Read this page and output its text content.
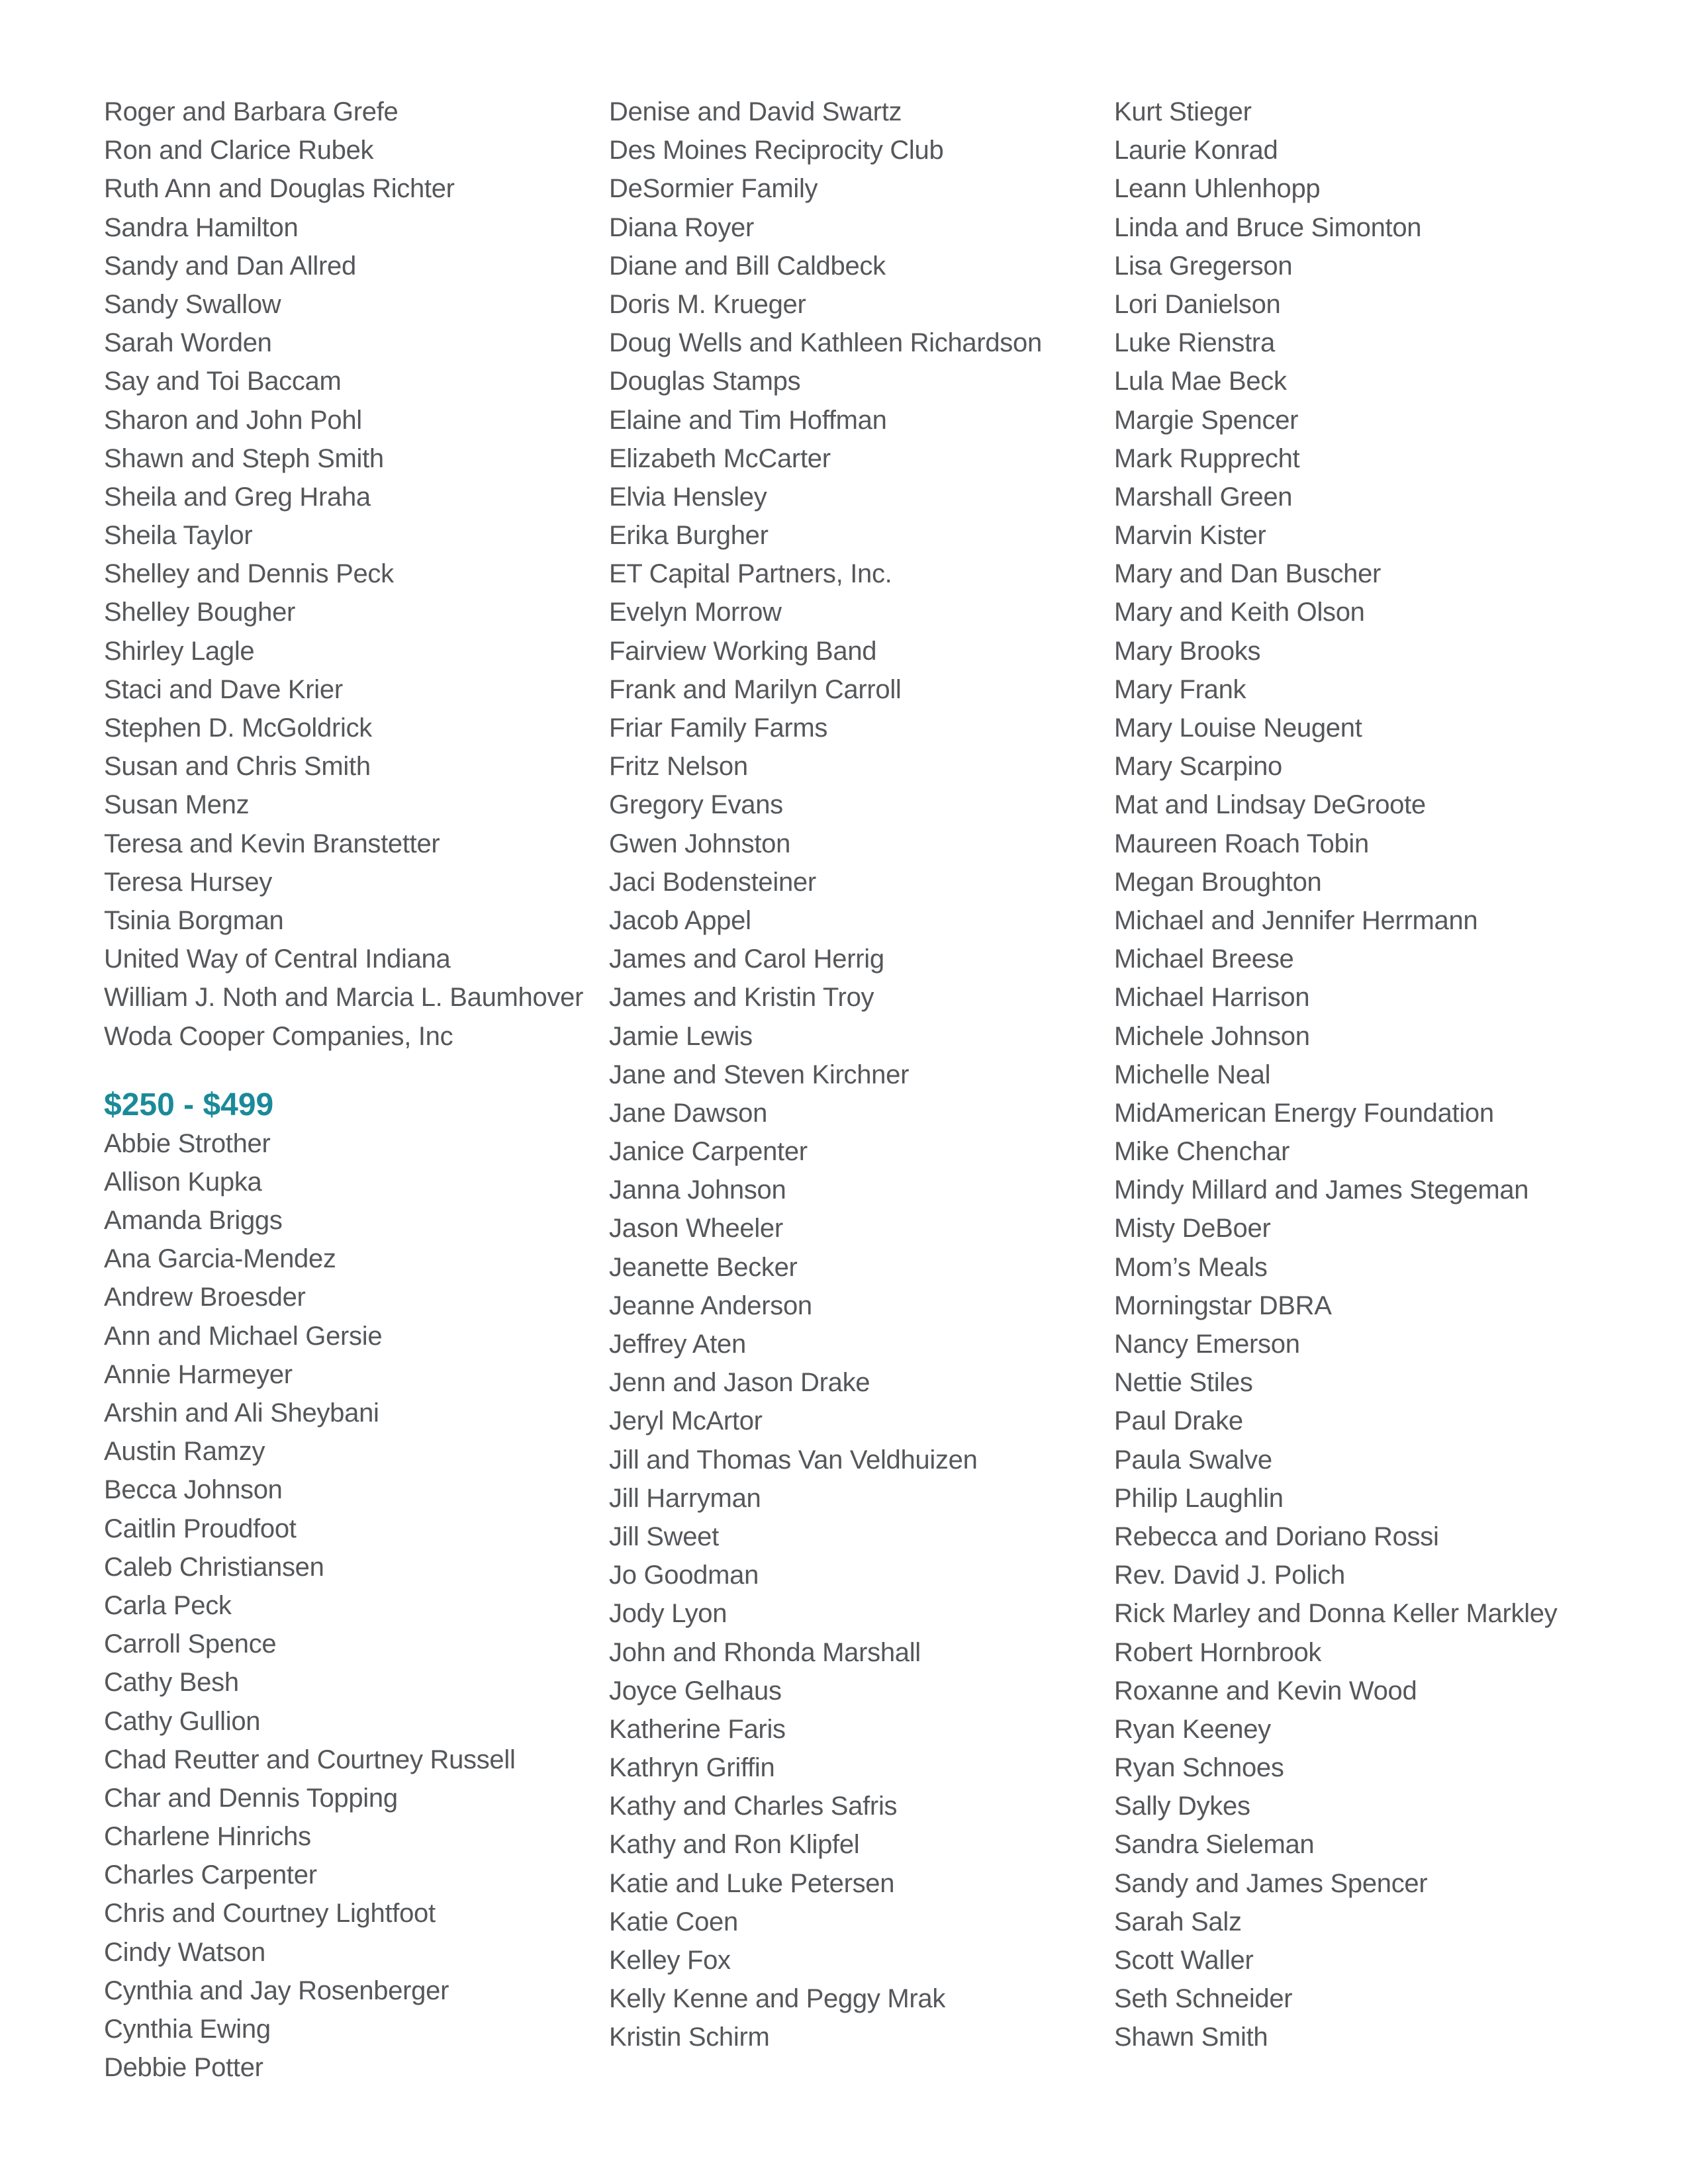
Roger and Barbara Grefe
Ron and Clarice Rubek
Ruth Ann and Douglas Richter
Sandra Hamilton
Sandy and Dan Allred
Sandy Swallow
Sarah Worden
Say and Toi Baccam
Sharon and John Pohl
Shawn and Steph Smith
Sheila and Greg Hraha
Sheila Taylor
Shelley and Dennis Peck
Shelley Bougher
Shirley Lagle
Staci and Dave Krier
Stephen D. McGoldrick
Susan and Chris Smith
Susan Menz
Teresa and Kevin Branstetter
Teresa Hursey
Tsinia Borgman
United Way of Central Indiana
William J. Noth and Marcia L. Baumhover
Woda Cooper Companies, Inc
$250 - $499
Abbie Strother
Allison Kupka
Amanda Briggs
Ana Garcia-Mendez
Andrew Broesder
Ann and Michael Gersie
Annie Harmeyer
Arshin and Ali Sheybani
Austin Ramzy
Becca Johnson
Caitlin Proudfoot
Caleb Christiansen
Carla Peck
Carroll Spence
Cathy Besh
Cathy Gullion
Chad Reutter and Courtney Russell
Char and Dennis Topping
Charlene Hinrichs
Charles Carpenter
Chris and Courtney Lightfoot
Cindy Watson
Cynthia and Jay Rosenberger
Cynthia Ewing
Debbie Potter
Denise and David Swartz
Des Moines Reciprocity Club
DeSormier Family
Diana Royer
Diane and Bill Caldbeck
Doris M. Krueger
Doug Wells and Kathleen Richardson
Douglas Stamps
Elaine and Tim Hoffman
Elizabeth McCarter
Elvia Hensley
Erika Burgher
ET Capital Partners, Inc.
Evelyn Morrow
Fairview Working Band
Frank and Marilyn Carroll
Friar Family Farms
Fritz Nelson
Gregory Evans
Gwen Johnston
Jaci Bodensteiner
Jacob Appel
James and Carol Herrig
James and Kristin Troy
Jamie Lewis
Jane and Steven Kirchner
Jane Dawson
Janice Carpenter
Janna Johnson
Jason Wheeler
Jeanette Becker
Jeanne Anderson
Jeffrey Aten
Jenn and Jason Drake
Jeryl McArtor
Jill and Thomas Van Veldhuizen
Jill Harryman
Jill Sweet
Jo Goodman
Jody Lyon
John and Rhonda Marshall
Joyce Gelhaus
Katherine Faris
Kathryn Griffin
Kathy and Charles Safris
Kathy and Ron Klipfel
Katie and Luke Petersen
Katie Coen
Kelley Fox
Kelly Kenne and Peggy Mrak
Kristin Schirm
Kurt Stieger
Laurie Konrad
Leann Uhlenhopp
Linda and Bruce Simonton
Lisa Gregerson
Lori Danielson
Luke Rienstra
Lula Mae Beck
Margie Spencer
Mark Rupprecht
Marshall Green
Marvin Kister
Mary and Dan Buscher
Mary and Keith Olson
Mary Brooks
Mary Frank
Mary Louise Neugent
Mary Scarpino
Mat and Lindsay DeGroote
Maureen Roach Tobin
Megan Broughton
Michael and Jennifer Herrmann
Michael Breese
Michael Harrison
Michele Johnson
Michelle Neal
MidAmerican Energy Foundation
Mike Chenchar
Mindy Millard and James Stegeman
Misty DeBoer
Mom’s Meals
Morningstar DBRA
Nancy Emerson
Nettie Stiles
Paul Drake
Paula Swalve
Philip Laughlin
Rebecca and Doriano Rossi
Rev. David J. Polich
Rick Marley and Donna Keller Markley
Robert Hornbrook
Roxanne and Kevin Wood
Ryan Keeney
Ryan Schnoes
Sally Dykes
Sandra Sieleman
Sandy and James Spencer
Sarah Salz
Scott Waller
Seth Schneider
Shawn Smith
